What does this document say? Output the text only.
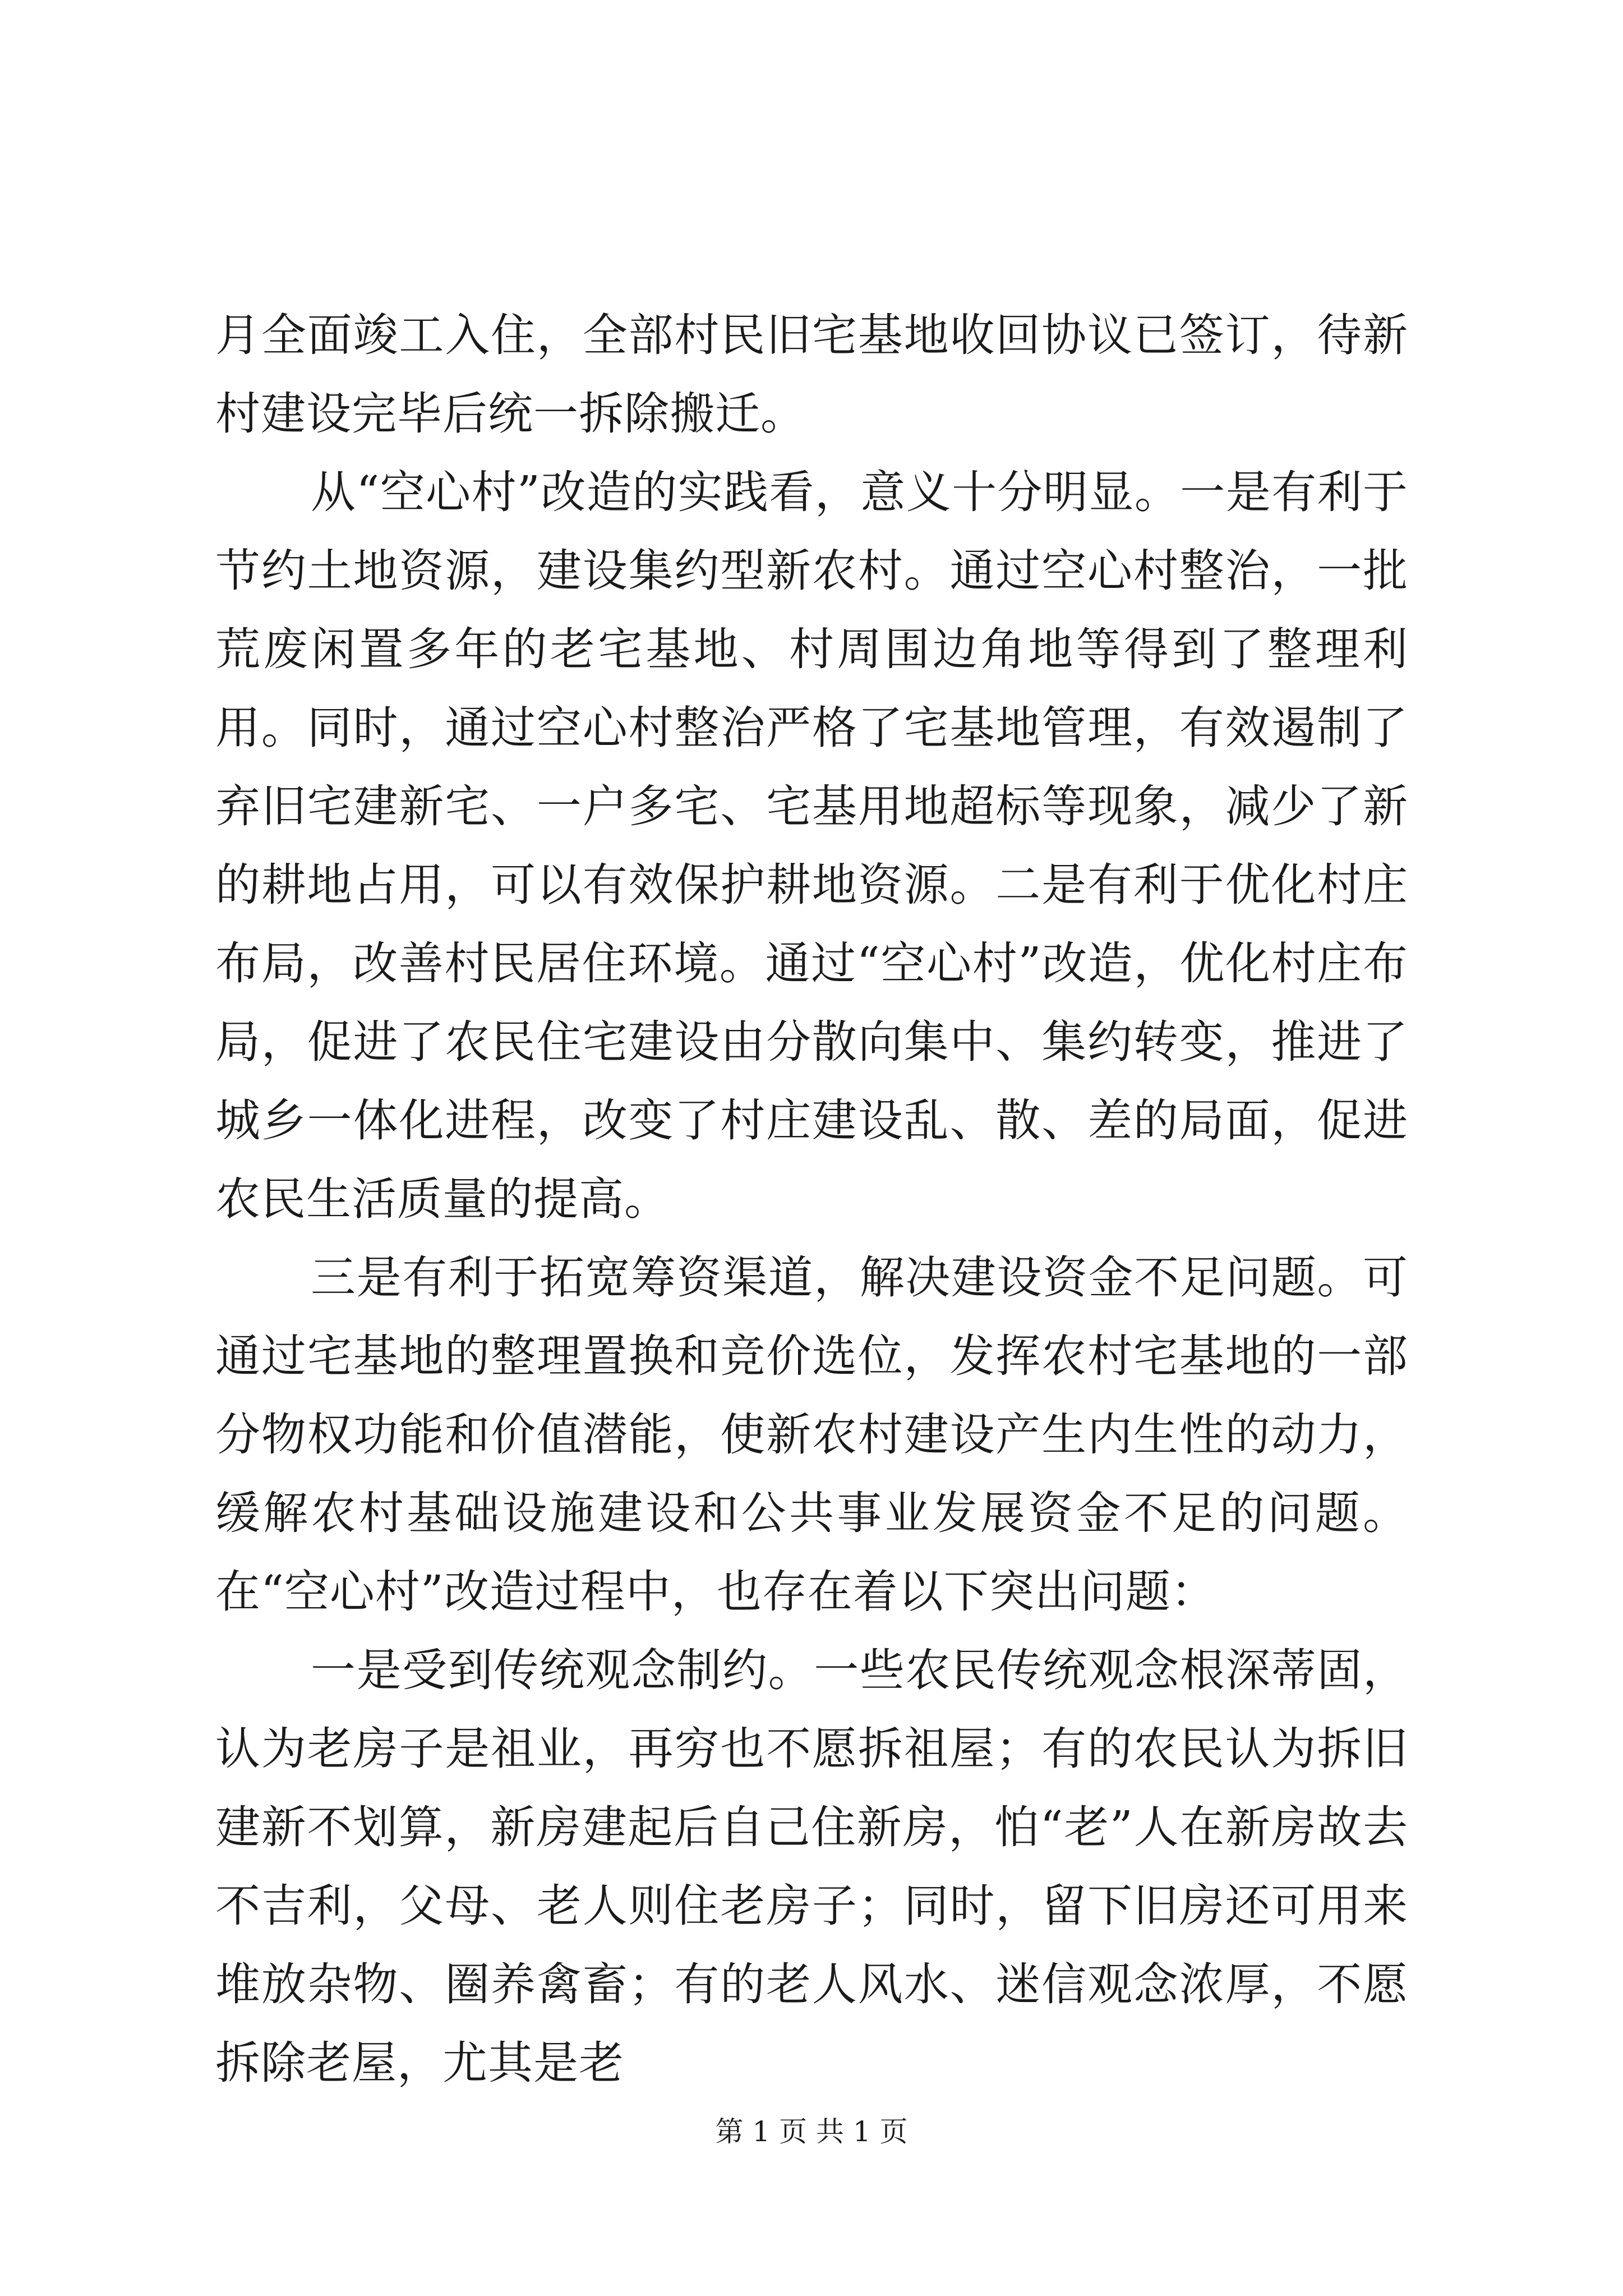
月全面竣工入住，全部村民旧宅基地收回协议已签订，待新村建设完毕后统一拆除搬迁。

从“空心村”改造的实践看，意义十分明显。一是有利于节约土地资源，建设集约型新农村。通过空心村整治，一批荒废闲置多年的老宅基地、村周围边角地等得到了整理利用。同时，通过空心村整治严格了宅基地管理，有效遏制了弃旧宅建新宅、一户多宅、宅基用地超标等现象，减少了新的耕地占用，可以有效保护耕地资源。二是有利于优化村庄布局，改善村民居住环境。通过“空心村”改造，优化村庄布局，促进了农民住宅建设由分散向集中、集约转变，推进了城乡一体化进程，改变了村庄建设乱、散、差的局面，促进农民生活质量的提高。

三是有利于拓宽筹资渠道，解决建设资金不足问题。可通过宅基地的整理置换和竞价选位，发挥农村宅基地的一部分物权功能和价值潜能，使新农村建设产生内生性的动力，缓解农村基础设施建设和公共事业发展资金不足的问题。在“空心村”改造过程中，也存在着以下突出问题：

一是受到传统观念制约。一些农民传统观念根深蒂固，认为老房子是祖业，再穷也不愿拆祖屋；有的农民认为拆旧建新不划算，新房建起后自己住新房，怕“老”人在新房故去不吉利，父母、老人则住老房子；同时，留下旧房还可用来堆放杂物、圈养禽畜；有的老人风水、迷信观念浓厚，不愿拆除老屋，尤其是老

第 1 页 共 1 页
